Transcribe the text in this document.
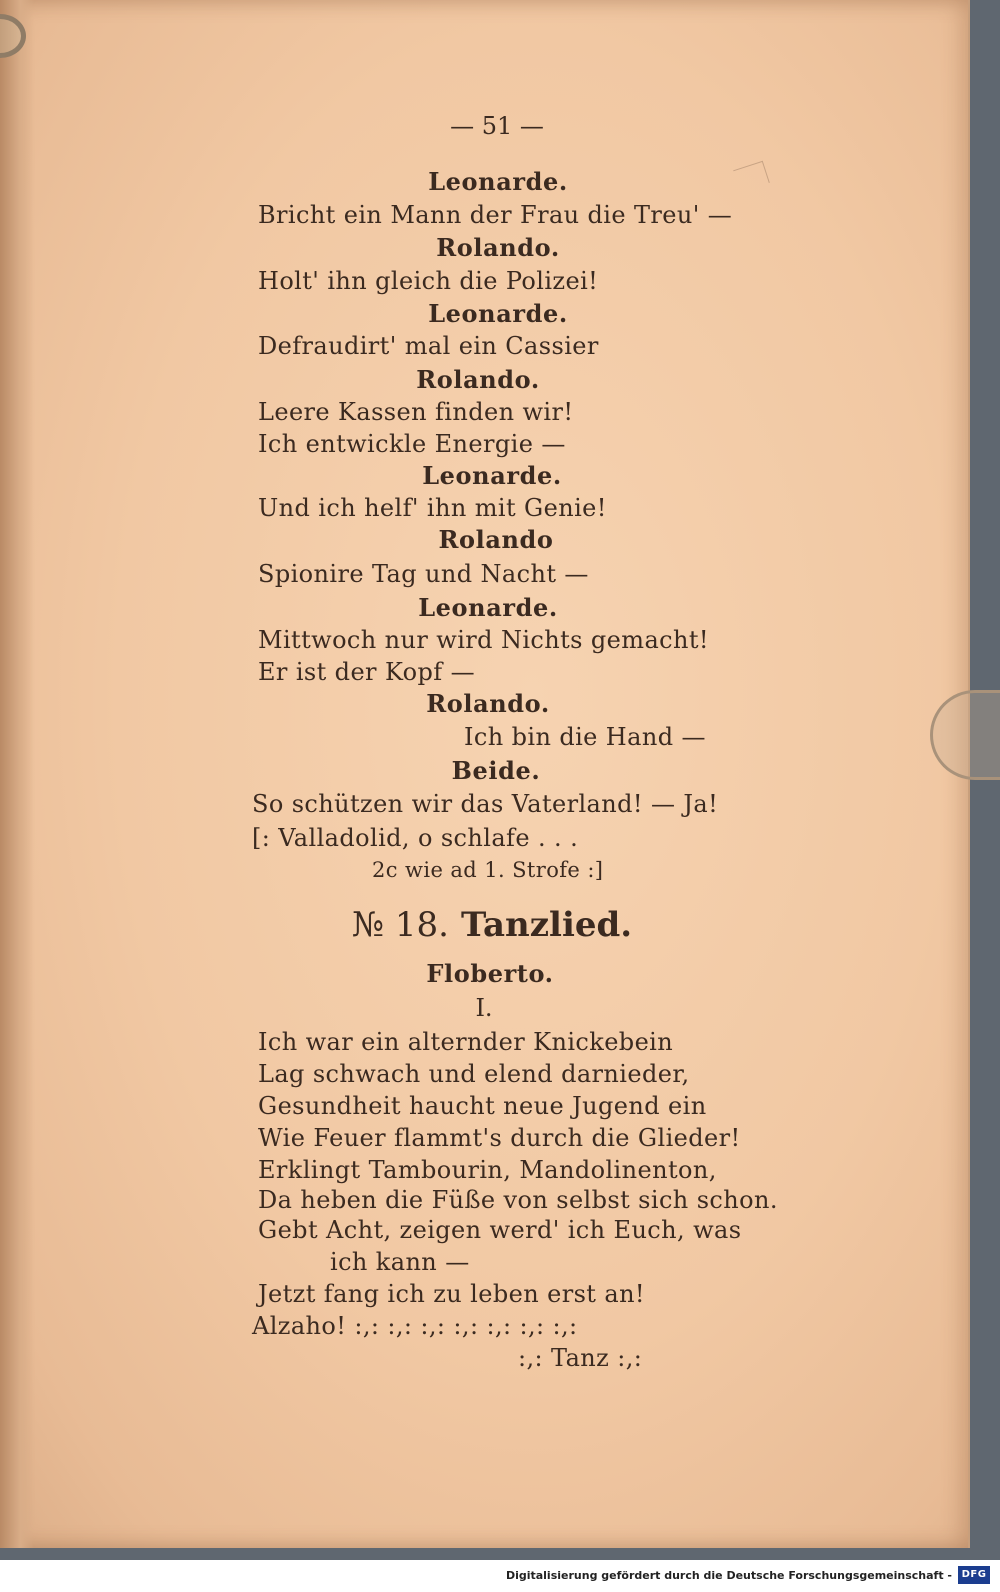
— 51 —
Leonarde.
Bricht ein Mann der Frau die Treu' —
Rolando.
Holt' ihn gleich die Polizei!
Leonarde.
Defraudirt' mal ein Cassier
Rolando.
Leere Kassen finden wir!
Ich entwickle Energie —
Leonarde.
Und ich helf' ihn mit Genie!
Rolando
Spionire Tag und Nacht —
Leonarde.
Mittwoch nur wird Nichts gemacht!
Er ist der Kopf —
Rolando.
Ich bin die Hand —
Beide.
So schützen wir das Vaterland! — Ja!
[: Valladolid, o schlafe . . .
2c wie ad 1. Strofe :]
№ 18. Tanzlied.
Floberto.
I.
Ich war ein alternder Knickebein
Lag schwach und elend darnieder,
Gesundheit haucht neue Jugend ein
Wie Feuer flammt's durch die Glieder!
Erklingt Tambourin, Mandolinenton,
Da heben die Füße von selbst sich schon.
Gebt Acht, zeigen werd' ich Euch, was
ich kann —
Jetzt fang ich zu leben erst an!
Alzaho! :,: :,: :,: :,: :,: :,: :,:
:,: Tanz :,:
Digitalisierung gefördert durch die Deutsche Forschungsgemeinschaft - DFG
